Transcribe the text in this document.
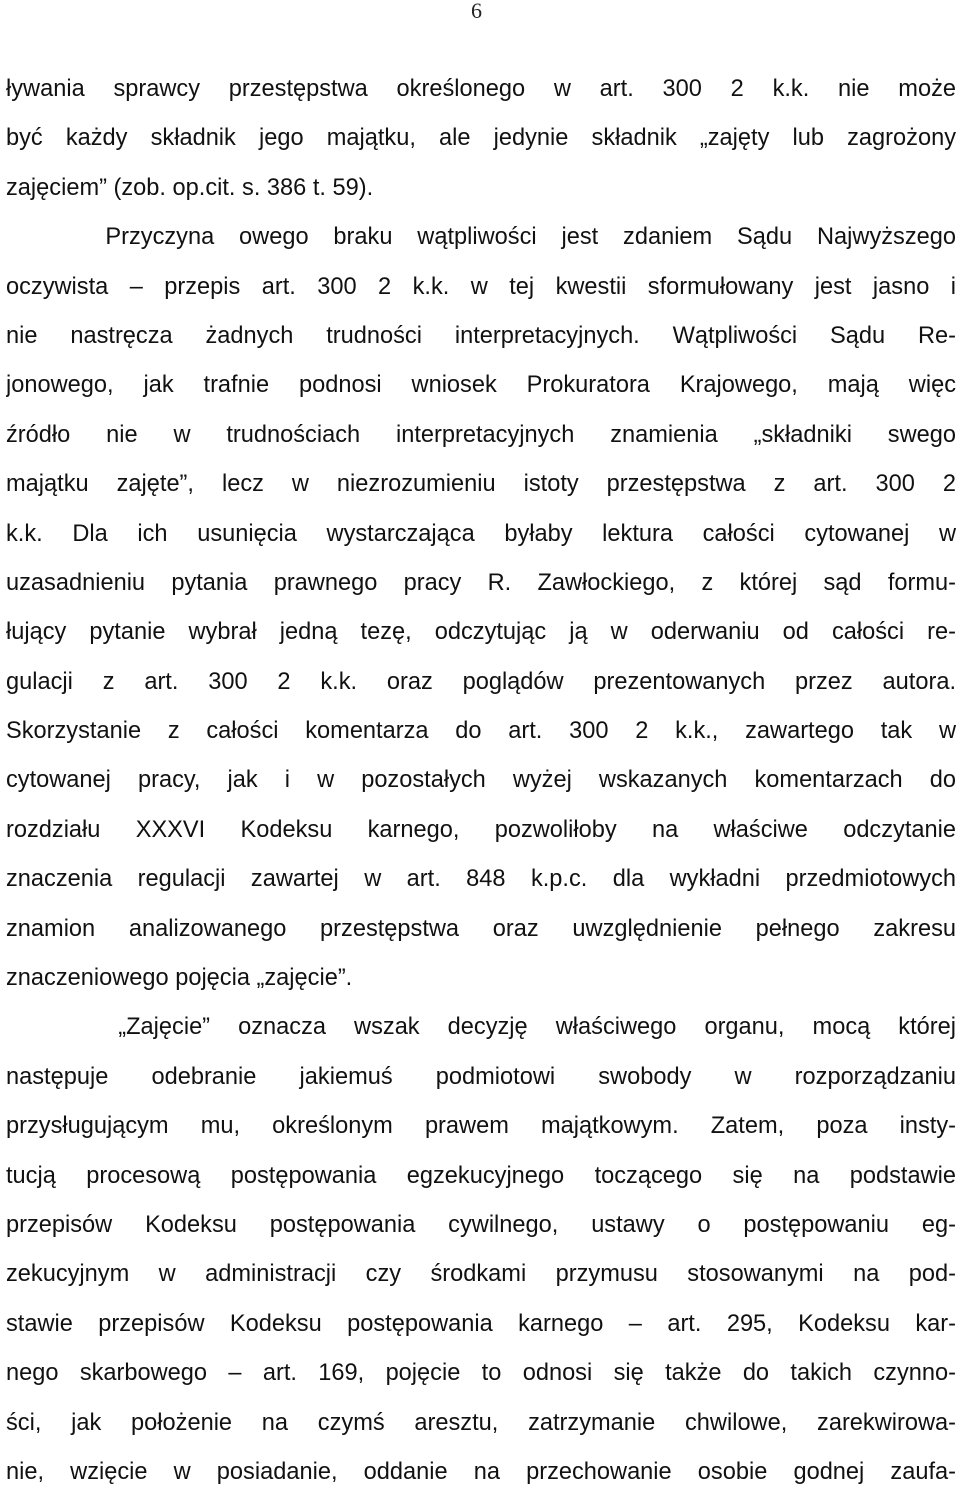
6
ływania sprawcy przestępstwa określonego w art. 300 2 k.k. nie może
być każdy składnik jego majątku, ale jedynie składnik „zajęty lub zagrożony
zajęciem” (zob. op.cit. s. 386 t. 59).
Przyczyna owego braku wątpliwości jest zdaniem Sądu Najwyższego
oczywista – przepis art. 300 2 k.k. w tej kwestii sformułowany jest jasno i
nie nastręcza żadnych trudności interpretacyjnych. Wątpliwości Sądu Re-
jonowego, jak trafnie podnosi wniosek Prokuratora Krajowego, mają więc
źródło nie w trudnościach interpretacyjnych znamienia „składniki swego
majątku zajęte”, lecz w niezrozumieniu istoty przestępstwa z art. 300 2
k.k. Dla ich usunięcia wystarczająca byłaby lektura całości cytowanej w
uzasadnieniu pytania prawnego pracy R. Zawłockiego, z której sąd formu-
łujący pytanie wybrał jedną tezę, odczytując ją w oderwaniu od całości re-
gulacji z art. 300 2 k.k. oraz poglądów prezentowanych przez autora.
Skorzystanie z całości komentarza do art. 300 2 k.k., zawartego tak w
cytowanej pracy, jak i w pozostałych wyżej wskazanych komentarzach do
rozdziału XXXVI Kodeksu karnego, pozwoliłoby na właściwe odczytanie
znaczenia regulacji zawartej w art. 848 k.p.c. dla wykładni przedmiotowych
znamion analizowanego przestępstwa oraz uwzględnienie pełnego zakresu
znaczeniowego pojęcia „zajęcie”.
„Zajęcie” oznacza wszak decyzję właściwego organu, mocą której
następuje odebranie jakiemuś podmiotowi swobody w rozporządzaniu
przysługującym mu, określonym prawem majątkowym. Zatem, poza insty-
tucją procesową postępowania egzekucyjnego toczącego się na podstawie
przepisów Kodeksu postępowania cywilnego, ustawy o postępowaniu eg-
zekucyjnym w administracji czy środkami przymusu stosowanymi na pod-
stawie przepisów Kodeksu postępowania karnego – art. 295, Kodeksu kar-
nego skarbowego – art. 169, pojęcie to odnosi się także do takich czynno-
ści, jak położenie na czymś aresztu, zatrzymanie chwilowe, zarekwirowa-
nie, wzięcie w posiadanie, oddanie na przechowanie osobie godnej zaufa-
